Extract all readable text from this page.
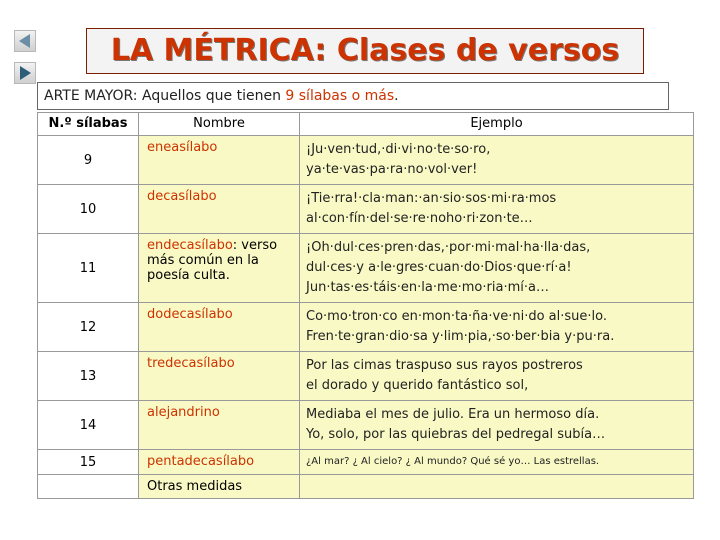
LA MÉTRICA: Clases de versos
ARTE MAYOR: Aquellos que tienen 9 sílabas o más.
N.º sílabas	Nombre	Ejemplo
9	eneasílabo	¡Ju·ven·tud,·di·vi·no·te·so·ro,
ya·te·vas·pa·ra·no·vol·ver!

10	decasílabo	¡Tie·rra!·cla·man:·an·sio·sos·mi·ra·mos
al·con·fín·del·se·re·noho·ri·zon·te…

11	endecasílabo: verso más común en la poesía culta.	¡Oh·dul·ces·pren·das,·por·mi·mal·ha·lla·das,
dul·ces·y a·le·gres·cuan·do·Dios·que·rí·a!
Jun·tas·es·táis·en·la·me·mo·ria·mí·a…

12	dodecasílabo	Co·mo·tron·co en·mon·ta·ña·ve·ni·do al·sue·lo.
Fren·te·gran·dio·sa y·lim·pia,·so·ber·bia y·pu·ra.

13	tredecasílabo	Por las cimas traspuso sus rayos postreros
el dorado y querido fantástico sol,

14	alejandrino	Mediaba el mes de julio. Era un hermoso día.
Yo, solo, por las quiebras del pedregal subía…

15	pentadecasílabo	¿Al mar? ¿ Al cielo? ¿ Al mundo? Qué sé yo… Las estrellas.

	Otras medidas	
